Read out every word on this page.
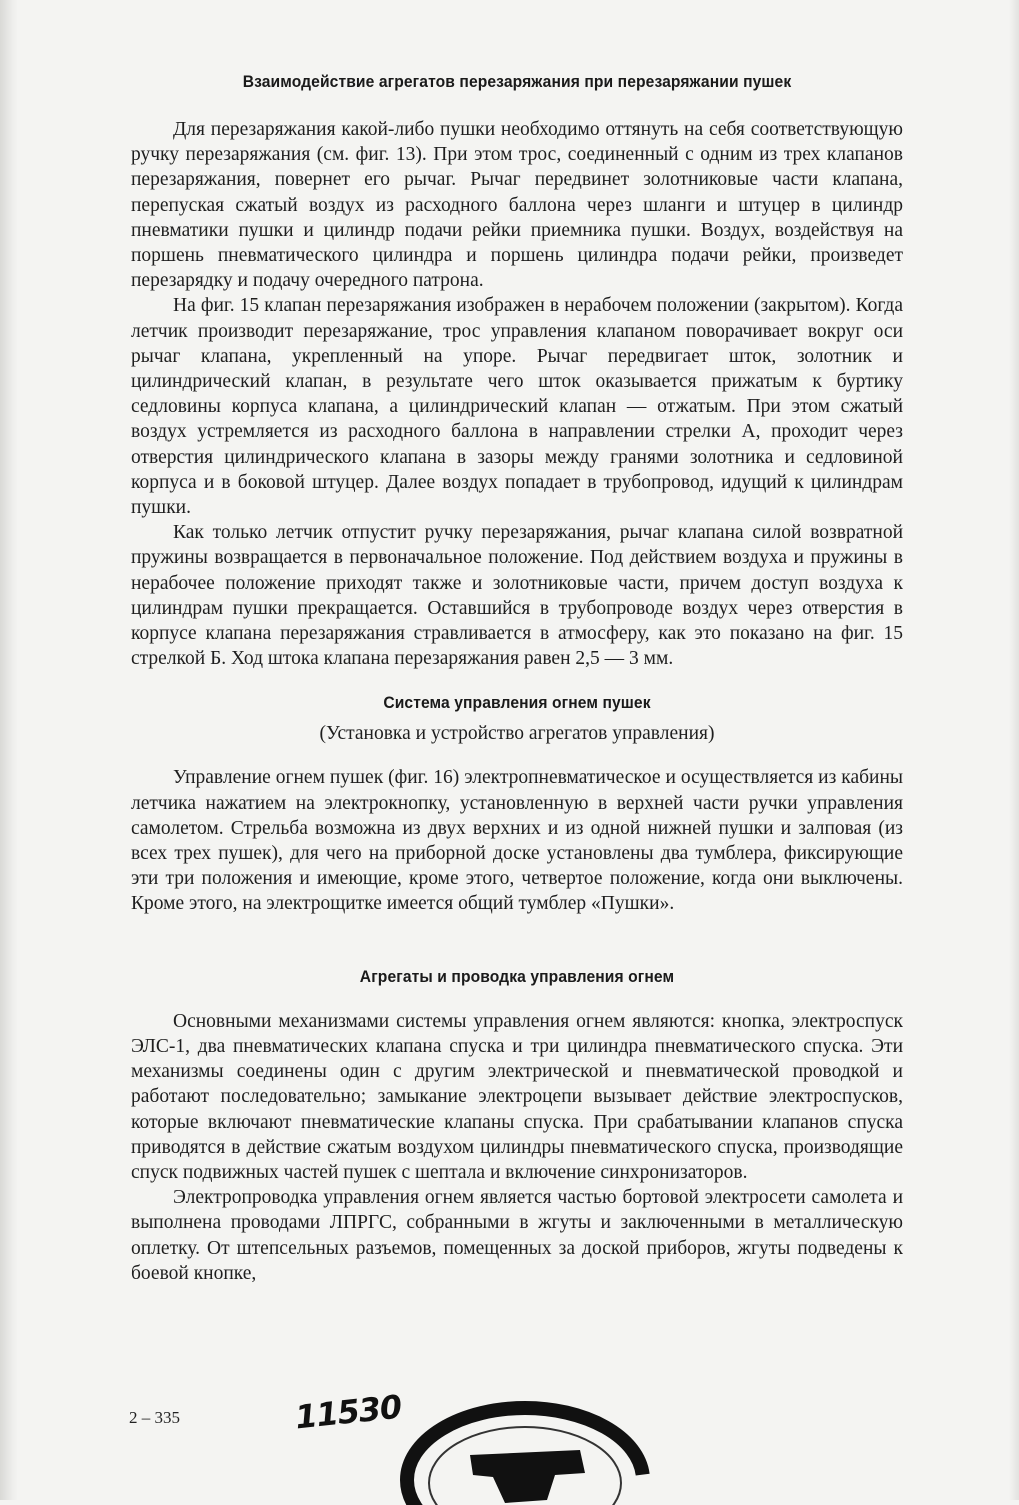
Взаимодействие агрегатов перезаряжания при перезаряжании пушек

Для перезаряжания какой-либо пушки необходимо оттянуть на себя соответствующую ручку перезаряжания (см. фиг. 13). При этом трос, соединенный с одним из трех клапанов перезаряжания, повернет его рычаг. Рычаг передвинет золотниковые части клапана, перепуская сжатый воздух из расходного баллона через шланги и штуцер в цилиндр пневматики пушки и цилиндр подачи рейки приемника пушки. Воздух, воздействуя на поршень пневматического цилиндра и поршень цилиндра подачи рейки, произведет перезарядку и подачу очередного патрона.

На фиг. 15 клапан перезаряжания изображен в нерабочем положении (закрытом). Когда летчик производит перезаряжание, трос управления клапаном поворачивает вокруг оси рычаг клапана, укрепленный на упоре. Рычаг передвигает шток, золотник и цилиндрический клапан, в результате чего шток оказывается прижатым к буртику седловины корпуса клапана, а цилиндрический клапан — отжатым. При этом сжатый воздух устремляется из расходного баллона в направлении стрелки А, проходит через отверстия цилиндрического клапана в зазоры между гранями золотника и седловиной корпуса и в боковой штуцер. Далее воздух попадает в трубопровод, идущий к цилиндрам пушки.

Как только летчик отпустит ручку перезаряжания, рычаг клапана силой возвратной пружины возвращается в первоначальное положение. Под действием воздуха и пружины в нерабочее положение приходят также и золотниковые части, причем доступ воздуха к цилиндрам пушки прекращается. Оставшийся в трубопроводе воздух через отверстия в корпусе клапана перезаряжания стравливается в атмосферу, как это показано на фиг. 15 стрелкой Б. Ход штока клапана перезаряжания равен 2,5 — 3 мм.

Система управления огнем пушек
(Установка и устройство агрегатов управления)

Управление огнем пушек (фиг. 16) электропневматическое и осуществляется из кабины летчика нажатием на электрокнопку, установленную в верхней части ручки управления самолетом. Стрельба возможна из двух верхних и из одной нижней пушки и залповая (из всех трех пушек), для чего на приборной доске установлены два тумблера, фиксирующие эти три положения и имеющие, кроме этого, четвертое положение, когда они выключены. Кроме этого, на электрощитке имеется общий тумблер «Пушки».

Агрегаты и проводка управления огнем

Основными механизмами системы управления огнем являются: кнопка, электроспуск ЭЛС-1, два пневматических клапана спуска и три цилиндра пневматического спуска. Эти механизмы соединены один с другим электрической и пневматической проводкой и работают последовательно; замыкание электроцепи вызывает действие электроспусков, которые включают пневматические клапаны спуска. При срабатывании клапанов спуска приводятся в действие сжатым воздухом цилиндры пневматического спуска, производящие спуск подвижных частей пушек с шептала и включение синхронизаторов.

Электропроводка управления огнем является частью бортовой электросети самолета и выполнена проводами ЛПРГС, собранными в жгуты и заключенными в металлическую оплетку. От штепсельных разъемов, помещенных за доской приборов, жгуты подведены к боевой кнопке,

2 – 335	11530
